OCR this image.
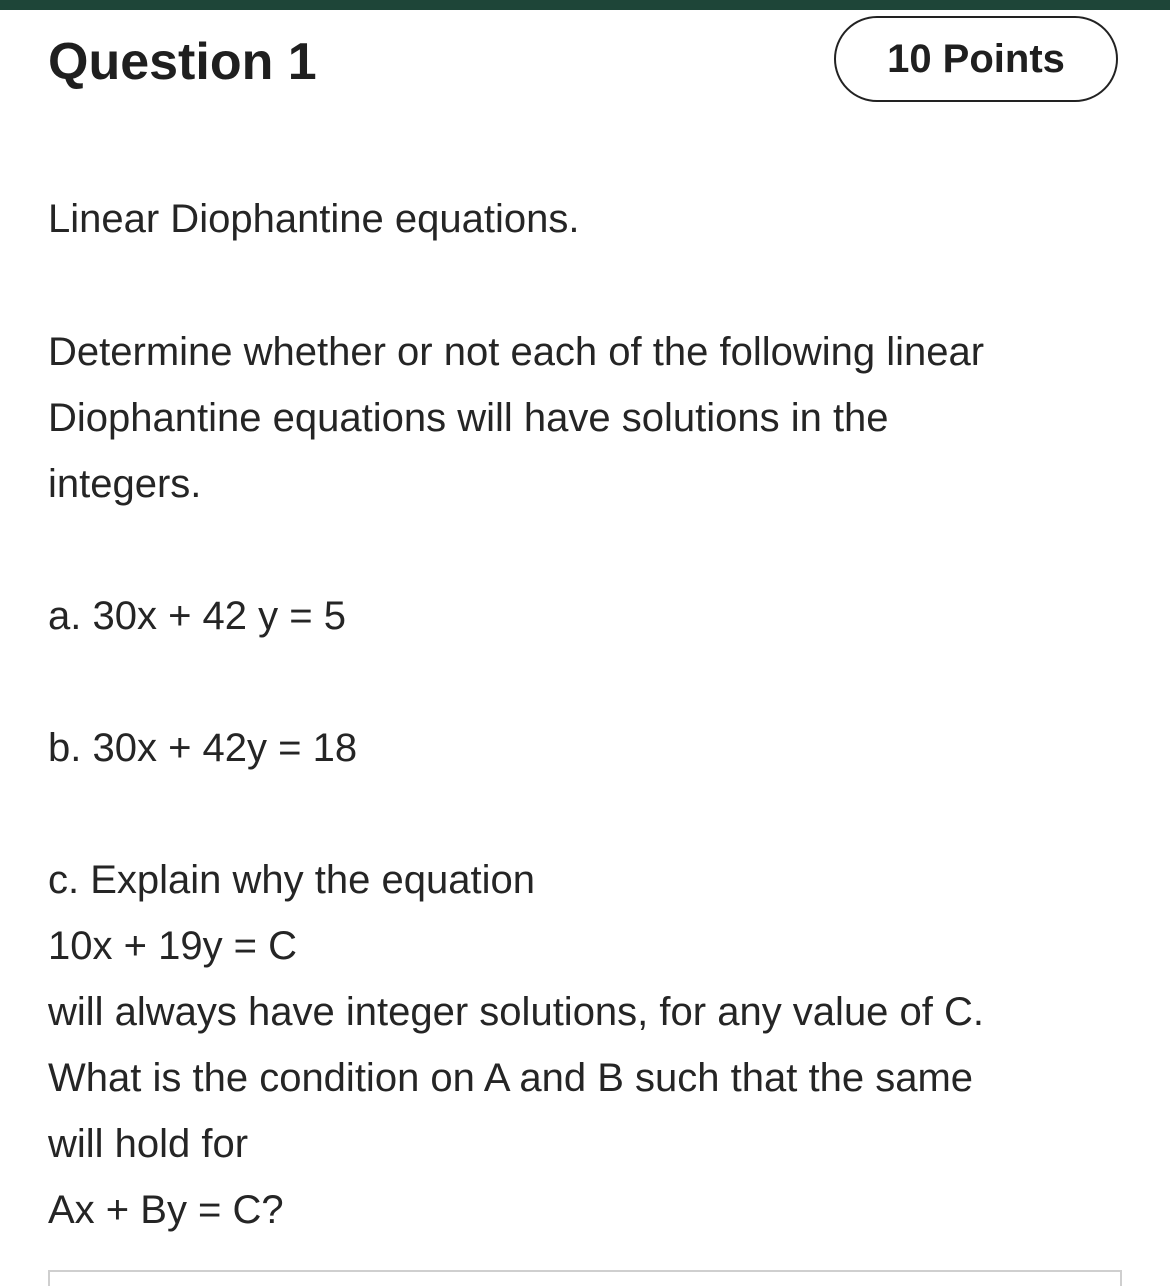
Question 1	10 Points
Linear Diophantine equations.
Determine whether or not each of the following linear
Diophantine equations will have solutions in the
integers.
a. 30x + 42 y = 5
b. 30x + 42y = 18
c. Explain why the equation
10x + 19y = C
will always have integer solutions, for any value of C.
What is the condition on A and B such that the same
will hold for
Ax + By = C?
